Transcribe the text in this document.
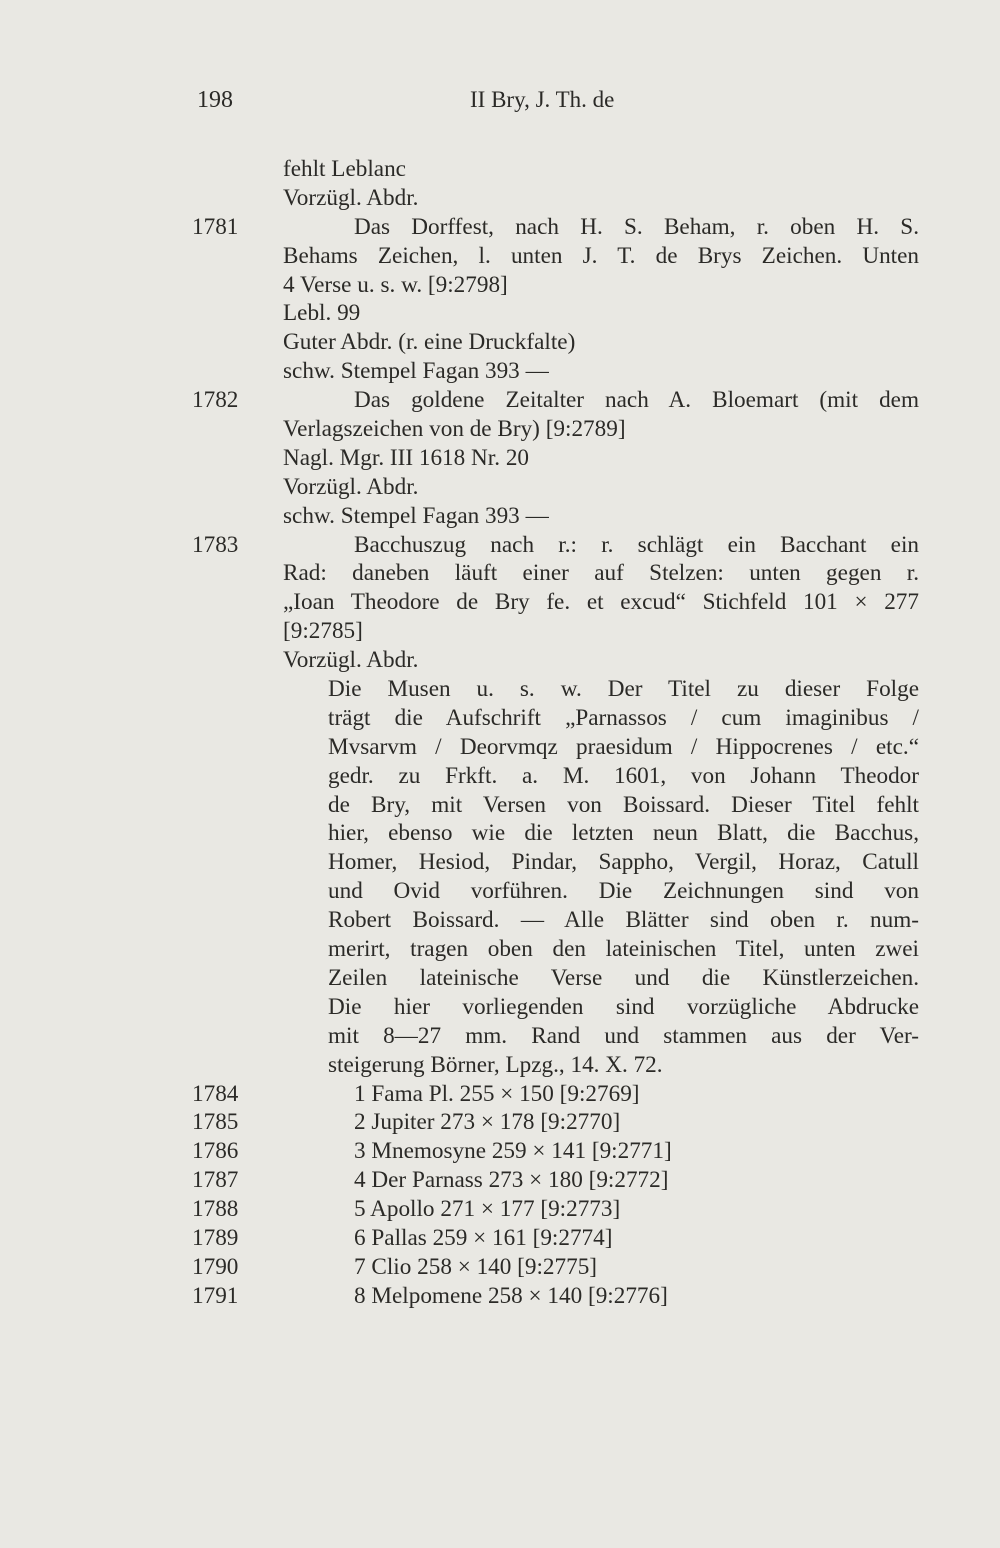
198	II Bry, J. Th. de
fehlt Leblanc
Vorzügl. Abdr.
1781	Das Dorffest, nach H. S. Beham, r. oben H. S.
Behams Zeichen, l. unten J. T. de Brys Zeichen. Unten
4 Verse u. s. w. [9:2798]
Lebl. 99
Guter Abdr. (r. eine Druckfalte)
schw. Stempel Fagan 393 —
1782	Das goldene Zeitalter nach A. Bloemart (mit dem
Verlagszeichen von de Bry) [9:2789]
Nagl. Mgr. III 1618 Nr. 20
Vorzügl. Abdr.
schw. Stempel Fagan 393 —
1783	Bacchuszug nach r.: r. schlägt ein Bacchant ein
Rad: daneben läuft einer auf Stelzen: unten gegen r.
„Ioan Theodore de Bry fe. et excud“ Stichfeld 101 × 277
[9:2785]
Vorzügl. Abdr.
Die Musen u. s. w. Der Titel zu dieser Folge
trägt die Aufschrift „Parnassos / cum imaginibus /
Mvsarvm / Deorvmqz praesidum / Hippocrenes / etc.“
gedr. zu Frkft. a. M. 1601, von Johann Theodor
de Bry, mit Versen von Boissard. Dieser Titel fehlt
hier, ebenso wie die letzten neun Blatt, die Bacchus,
Homer, Hesiod, Pindar, Sappho, Vergil, Horaz, Catull
und Ovid vorführen. Die Zeichnungen sind von
Robert Boissard. — Alle Blätter sind oben r. num-
merirt, tragen oben den lateinischen Titel, unten zwei
Zeilen lateinische Verse und die Künstlerzeichen.
Die hier vorliegenden sind vorzügliche Abdrucke
mit 8—27 mm. Rand und stammen aus der Ver-
steigerung Börner, Lpzg., 14. X. 72.
1784	1 Fama Pl. 255 × 150 [9:2769]
1785	2 Jupiter 273 × 178 [9:2770]
1786	3 Mnemosyne 259 × 141 [9:2771]
1787	4 Der Parnass 273 × 180 [9:2772]
1788	5 Apollo 271 × 177 [9:2773]
1789	6 Pallas 259 × 161 [9:2774]
1790	7 Clio 258 × 140 [9:2775]
1791	8 Melpomene 258 × 140 [9:2776]
